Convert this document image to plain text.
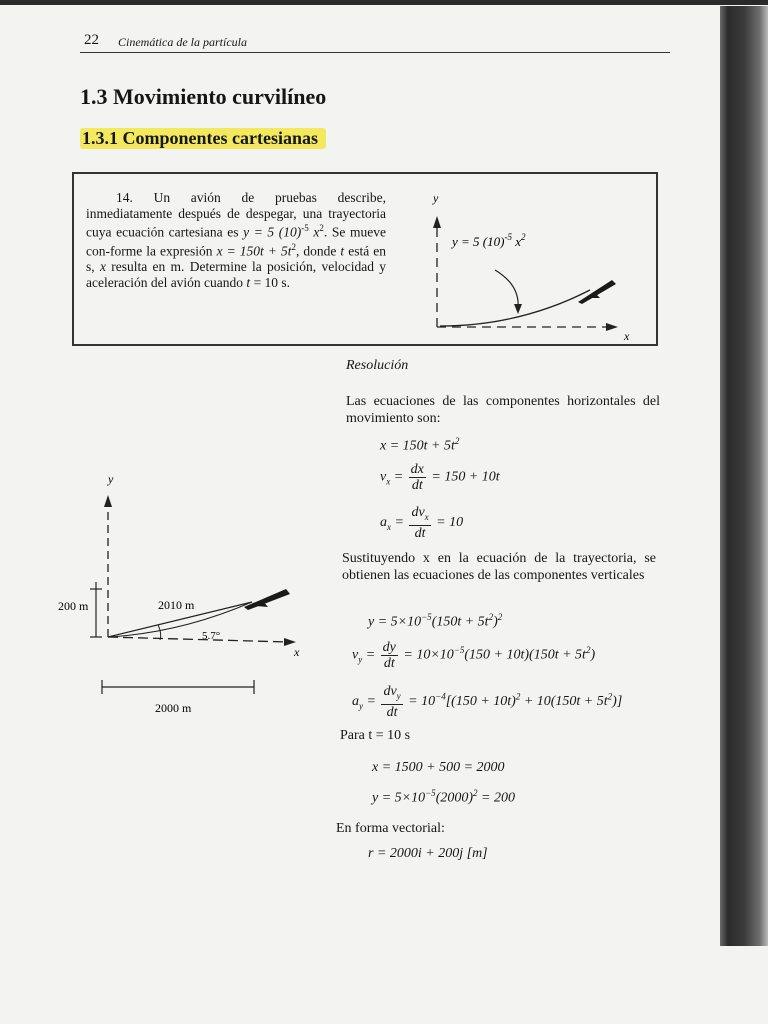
22 Cinemática de la partícula
1.3 Movimiento curvilíneo
1.3.1 Componentes cartesianas
14. Un avión de pruebas describe, inmediatamente después de despegar, una trayectoria cuya ecuación cartesiana es y = 5 $(10)^{-5}$ $x^2$. Se mueve con-forme la expresión $x = 150t + 5t^2$, donde t está en s, x resulta en m. Determine la posición, velocidad y aceleración del avión cuando t = 10 s.
y
x
y = 5 $(10)^{-5}$ $x^2$
y
x
200 m	2010 m
5.7°
2000 m
Resolución
Las ecuaciones de las componentes horizontales del movimiento son:
$x = 150t + 5t^2$
$v_x = \frac{dx}{dt} = 150 + 10t$
$a_x = \frac{dv_x}{dt} = 10$
Sustituyendo x en la ecuación de la trayectoria, se obtienen las ecuaciones de las componentes verticales
$y = 5\times 10^{-5}(150t + 5t^2)^2$
$v_y = \frac{dy}{dt} = 10\times 10^{-5}(150 + 10t)(150t + 5t^2)$
$a_y = \frac{dv_y}{dt} = 10^{-4}[(150 + 10t)^2 + 10(150t + 5t^2)]$
Para t = 10 s
x = 1500 + 500 = 2000
$y = 5\times 10^{-5}(2000)^2 = 200$
En forma vectorial:
r = 2000i + 200j [m]
